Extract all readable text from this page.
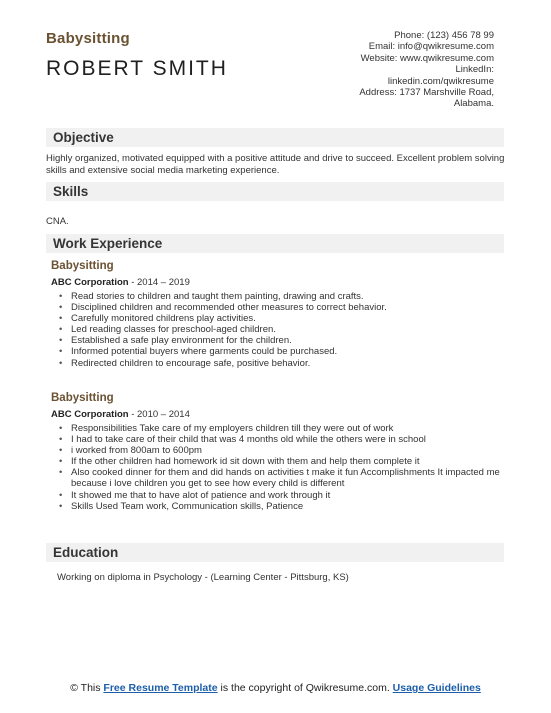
Babysitting
ROBERT SMITH
Phone: (123) 456 78 99
Email: info@qwikresume.com
Website: www.qwikresume.com
LinkedIn:
linkedin.com/qwikresume
Address: 1737 Marshville Road,
Alabama.
Objective
Highly organized, motivated equipped with a positive attitude and drive to succeed. Excellent problem solving skills and extensive social media marketing experience.
Skills
CNA.
Work Experience
Babysitting
ABC Corporation - 2014 – 2019
• Read stories to children and taught them painting, drawing and crafts.
• Disciplined children and recommended other measures to correct behavior.
• Carefully monitored childrens play activities.
• Led reading classes for preschool-aged children.
• Established a safe play environment for the children.
• Informed potential buyers where garments could be purchased.
• Redirected children to encourage safe, positive behavior.
Babysitting
ABC Corporation - 2010 – 2014
• Responsibilities Take care of my employers children till they were out of work
• I had to take care of their child that was 4 months old while the others were in school
• i worked from 800am to 600pm
• If the other children had homework id sit down with them and help them complete it
• Also cooked dinner for them and did hands on activities t make it fun Accomplishments It impacted me because i love children you get to see how every child is different
• It showed me that to have alot of patience and work through it
• Skills Used Team work, Communication skills, Patience
Education
Working on diploma in Psychology - (Learning Center - Pittsburg, KS)
© This Free Resume Template is the copyright of Qwikresume.com. Usage Guidelines
